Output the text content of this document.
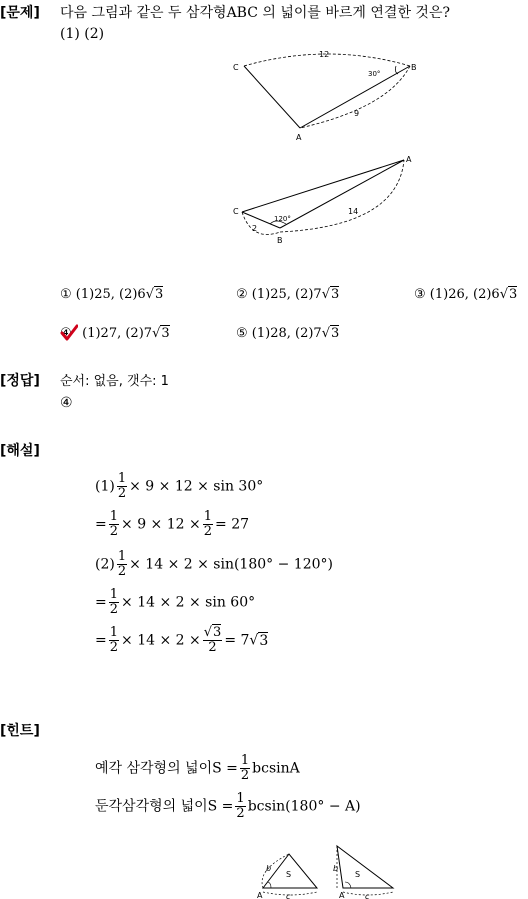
[문제] 다음 그림과 같은 두 삼각형ABC 의 넓이를 바르게 연결한 것은?
(1) (2)
C	B
A
12
9
30°
C
A
B
2
14
120°
① (1)25, (2)6√3	② (1)25, (2)7√3	③ (1)26, (2)6√3
④ (1)27, (2)7√3	⑤ (1)28, (2)7√3
[정답] 순서: 없음, 갯수: 1
④
[해설]
$(1) \frac{1}{2} \times 9 \times 12 \times \sin 30^\circ$
= $\frac{1}{2} \times 9 \times 12 \times \frac{1}{2} = 27$
$(2) \frac{1}{2} \times 14 \times 2 \times \sin(180^\circ - 120^\circ)$
= $\frac{1}{2} \times 14 \times 2 \times \sin 60^\circ$
= $\frac{1}{2} \times 14 \times 2 \times \frac{√3}{2} = 7√3$
[힌트]
예각 삼각형의 넓이$S = \frac{1}{2}$ bcsinA
둔각삼각형의 넓이$S = \frac{1}{2} bcsin(180^\circ - A)$
b
S
A	c
b
S
A	c
